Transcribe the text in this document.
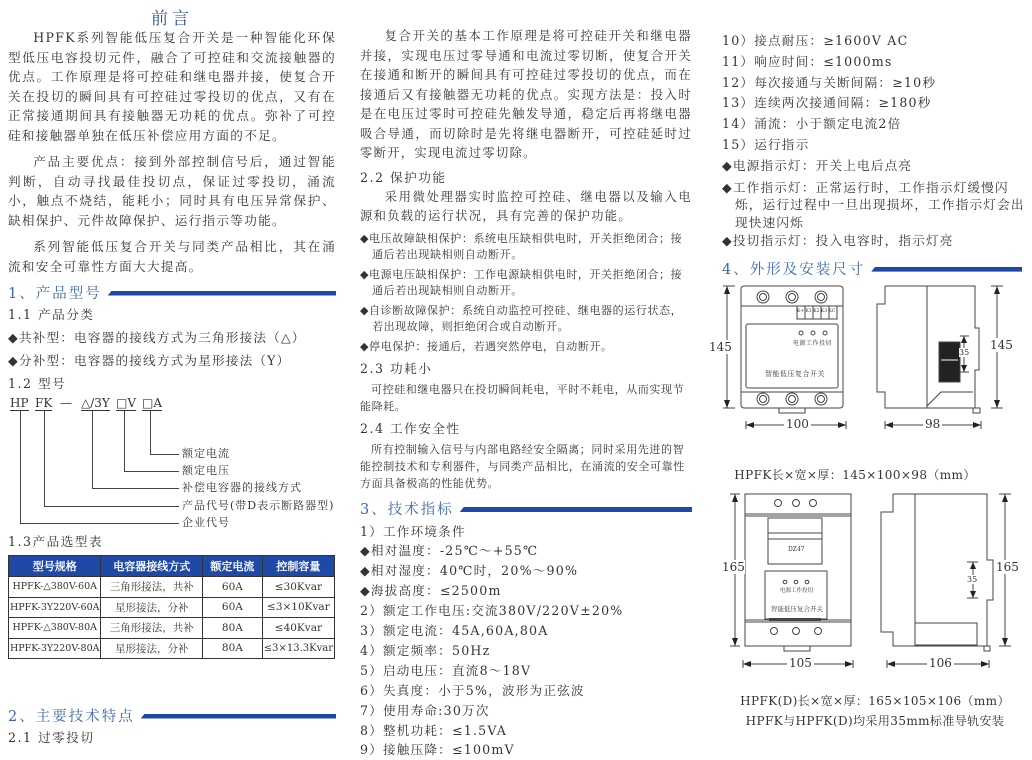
前言
HPFK系列智能低压复合开关是一种智能化环保型低压电容投切元件，融合了可控硅和交流接触器的优点。工作原理是将可控硅和继电器并接，使复合开关在投切的瞬间具有可控硅过零投切的优点，又有在正常接通期间具有接触器无功耗的优点。弥补了可控硅和接触器单独在低压补偿应用方面的不足。
产品主要优点：接到外部控制信号后，通过智能判断，自动寻找最佳投切点，保证过零投切，涌流小，触点不烧结，能耗小；同时具有电压异常保护、缺相保护、元件故障保护、运行指示等功能。
系列智能低压复合开关与同类产品相比，其在涌流和安全可靠性方面大大提高。
1、产品型号
1.1 产品分类
◆共补型：电容器的接线方式为三角形接法（△）
◆分补型：电容器的接线方式为星形接法（Y）
1.2 型号
HP FK — △/3Y □V □A
额定电流
额定电压
补偿电容器的接线方式
产品代号(带D表示断路器型)
企业代号
1.3产品选型表
型号规格	电容器接线方式	额定电流	控制容量
HPFK-△380V-60A	三角形接法，共补	60A	≤30Kvar
HPFK-3Y220V-60A	星形接法，分补	60A	≤3×10Kvar
HPFK-△380V-80A	三角形接法，共补	80A	≤40Kvar
HPFK-3Y220V-80A	星形接法，分补	80A	≤3×13.3Kvar
2、主要技术特点
2.1 过零投切
复合开关的基本工作原理是将可控硅开关和继电器并接，实现电压过零导通和电流过零切断，使复合开关在接通和断开的瞬间具有可控硅过零投切的优点，而在接通后又有接触器无功耗的优点。实现方法是：投入时是在电压过零时可控硅先触发导通，稳定后再将继电器吸合导通，而切除时是先将继电器断开，可控硅延时过零断开，实现电流过零切除。
2.2 保护功能
采用微处理器实时监控可控硅、继电器以及输入电源和负载的运行状况，具有完善的保护功能。
◆电压故障缺相保护：系统电压缺相供电时，开关拒绝闭合；接通后若出现缺相则自动断开。
◆电源电压缺相保护：工作电源缺相供电时，开关拒绝闭合；接通后若出现缺相则自动断开。
◆自诊断故障保护：系统自动监控可控硅、继电器的运行状态，若出现故障，则拒绝闭合或自动断开。
◆停电保护：接通后，若遇突然停电，自动断开。
2.3 功耗小
可控硅和继电器只在投切瞬间耗电，平时不耗电，从而实现节能降耗。
2.4 工作安全性
所有控制输入信号与内部电路经安全隔离；同时采用先进的智能控制技术和专利器件，与同类产品相比，在涌流的安全可靠性方面具备极高的性能优势。
3、技术指标
1）工作环境条件
◆相对温度：-25℃～+55℃
◆相对湿度：40℃时，20%～90%
◆海拔高度：≤2500m
2）额定工作电压:交流380V/220V±20%
3）额定电流：45A,60A,80A
4）额定频率：50Hz
5）启动电压：直流8～18V
6）失真度：小于5%，波形为正弦波
7）使用寿命:30万次
8）整机功耗：≤1.5VA
9）接触压降：≤100mV
10）接点耐压：≥1600V AC
11）响应时间：≤1000ms
12）每次接通与关断间隔：≥10秒
13）连续两次接通间隔：≥180秒
14）涌流：小于额定电流2倍
15）运行指示
◆电源指示灯：开关上电后点亮
◆工作指示灯：正常运行时，工作指示灯缓慢闪烁，运行过程中一旦出现损坏，工作指示灯会出现快速闪烁
◆投切指示灯：投入电容时，指示灯亮
4、外形及安装尺寸
145
100
145
98
35
K+ K1 K2 K3 KC
电源工作投切
智能低压复合开关
HPFK长×宽×厚：145×100×98（mm）
165
105
165
106
35
DZ47
电源工作投切
智能低压复合开关
HPFK(D)长×宽×厚：165×105×106（mm）
HPFK与HPFK(D)均采用35mm标准导轨安装
